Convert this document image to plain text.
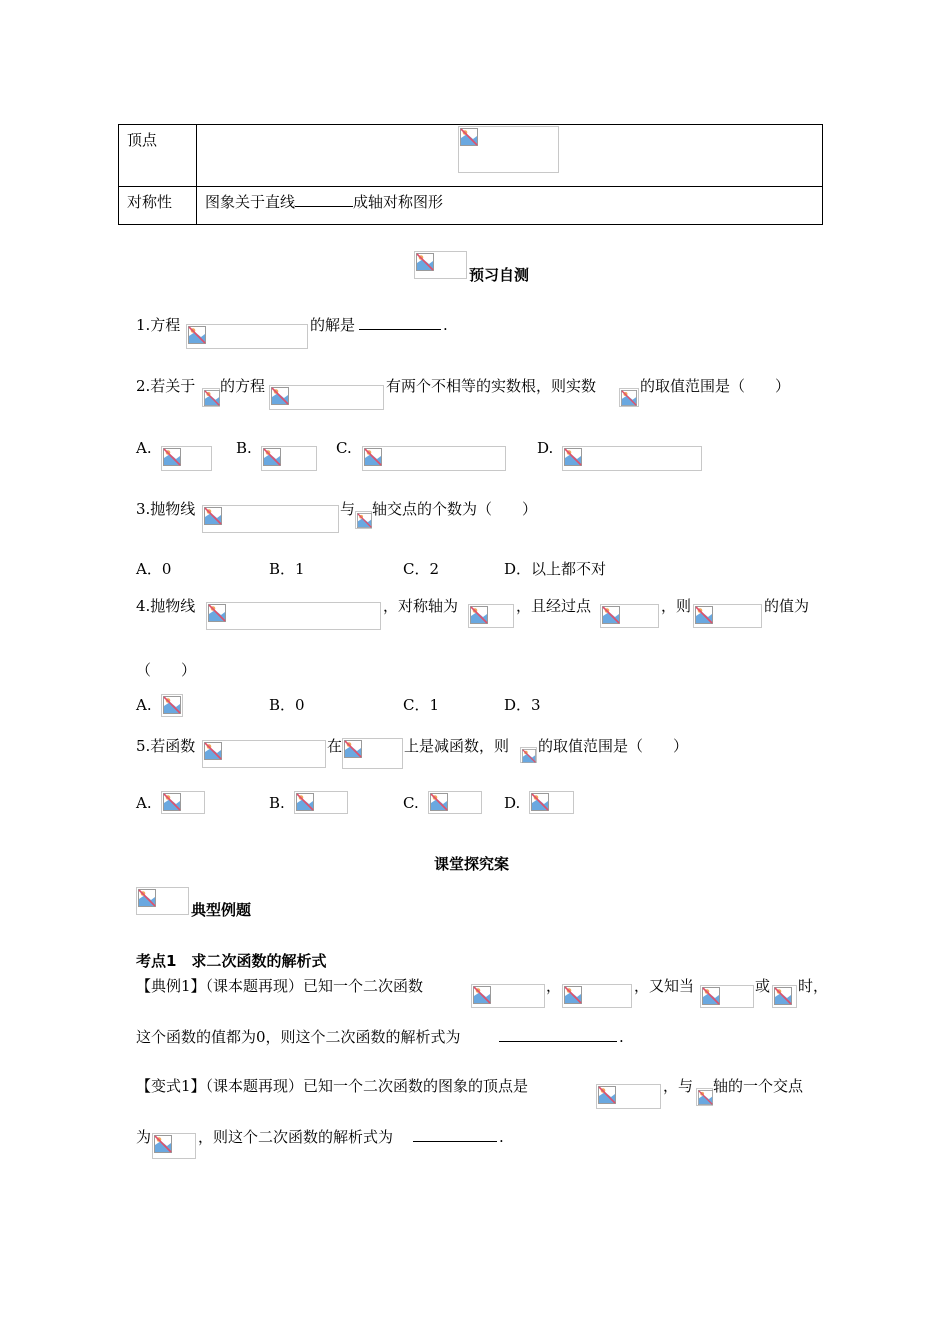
顶点	
对称性	图象关于直线 成轴对称图形
预习自测
1.方程	的解是	.
2.若关于 的方程	有两个不相等的实数根，则实数	的取值范围是（　　）
A.	B.	C.	D.
3.抛物线	与 轴交点的个数为（　　）
A．0	B．1	C．2	D．以上都不对
4.抛物线	，对称轴为	，且经过点	，则	的值为
（　　）
A.	B．0	C．1	D．3
5.若函数	在	上是减函数，则 的取值范围是（　　）
A.	B.	C.	D.
课堂探究案
典型例题
考点1　求二次函数的解析式
【典例1】（课本题再现）已知一个二次函数	，	，又知当	或 时，
这个函数的值都为0，则这个二次函数的解析式为	.
【变式1】（课本题再现）已知一个二次函数的图象的顶点是	，与 轴的一个交点
为	，则这个二次函数的解析式为	.
